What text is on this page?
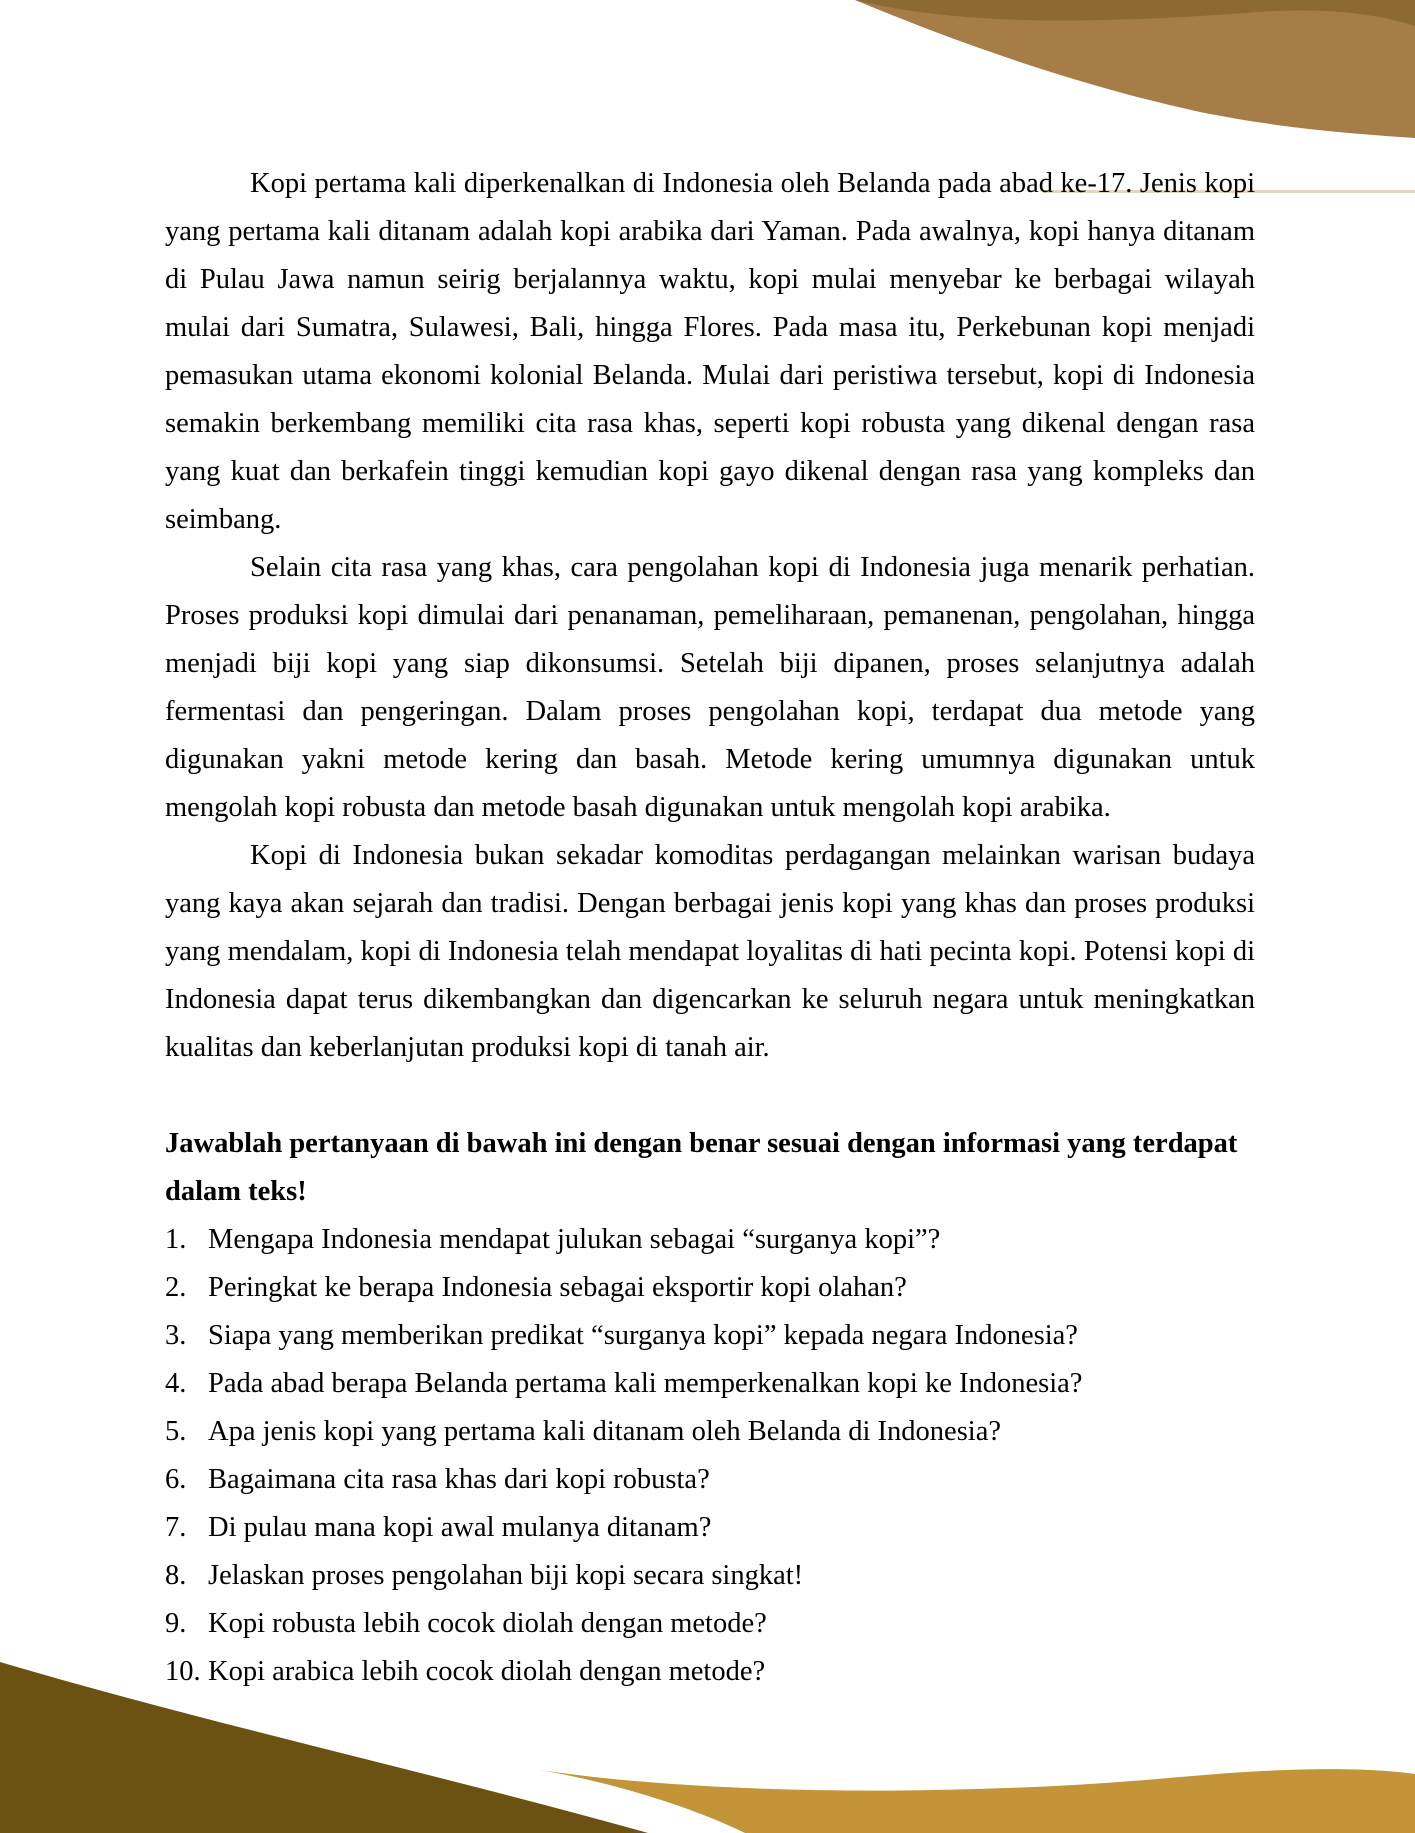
Kopi pertama kali diperkenalkan di Indonesia oleh Belanda pada abad ke-17. Jenis kopi yang pertama kali ditanam adalah kopi arabika dari Yaman. Pada awalnya, kopi hanya ditanam di Pulau Jawa namun seirig berjalannya waktu, kopi mulai menyebar ke berbagai wilayah mulai dari Sumatra, Sulawesi, Bali, hingga Flores. Pada masa itu, Perkebunan kopi menjadi pemasukan utama ekonomi kolonial Belanda. Mulai dari peristiwa tersebut, kopi di Indonesia semakin berkembang memiliki cita rasa khas, seperti kopi robusta yang dikenal dengan rasa yang kuat dan berkafein tinggi kemudian kopi gayo dikenal dengan rasa yang kompleks dan seimbang.

Selain cita rasa yang khas, cara pengolahan kopi di Indonesia juga menarik perhatian. Proses produksi kopi dimulai dari penanaman, pemeliharaan, pemanenan, pengolahan, hingga menjadi biji kopi yang siap dikonsumsi. Setelah biji dipanen, proses selanjutnya adalah fermentasi dan pengeringan. Dalam proses pengolahan kopi, terdapat dua metode yang digunakan yakni metode kering dan basah. Metode kering umumnya digunakan untuk mengolah kopi robusta dan metode basah digunakan untuk mengolah kopi arabika.

Kopi di Indonesia bukan sekadar komoditas perdagangan melainkan warisan budaya yang kaya akan sejarah dan tradisi. Dengan berbagai jenis kopi yang khas dan proses produksi yang mendalam, kopi di Indonesia telah mendapat loyalitas di hati pecinta kopi. Potensi kopi di Indonesia dapat terus dikembangkan dan digencarkan ke seluruh negara untuk meningkatkan kualitas dan keberlanjutan produksi kopi di tanah air.

Jawablah pertanyaan di bawah ini dengan benar sesuai dengan informasi yang terdapat dalam teks!

1. Mengapa Indonesia mendapat julukan sebagai “surganya kopi”?
2. Peringkat ke berapa Indonesia sebagai eksportir kopi olahan?
3. Siapa yang memberikan predikat “surganya kopi” kepada negara Indonesia?
4. Pada abad berapa Belanda pertama kali memperkenalkan kopi ke Indonesia?
5. Apa jenis kopi yang pertama kali ditanam oleh Belanda di Indonesia?
6. Bagaimana cita rasa khas dari kopi robusta?
7. Di pulau mana kopi awal mulanya ditanam?
8. Jelaskan proses pengolahan biji kopi secara singkat!
9. Kopi robusta lebih cocok diolah dengan metode?
10. Kopi arabica lebih cocok diolah dengan metode?
